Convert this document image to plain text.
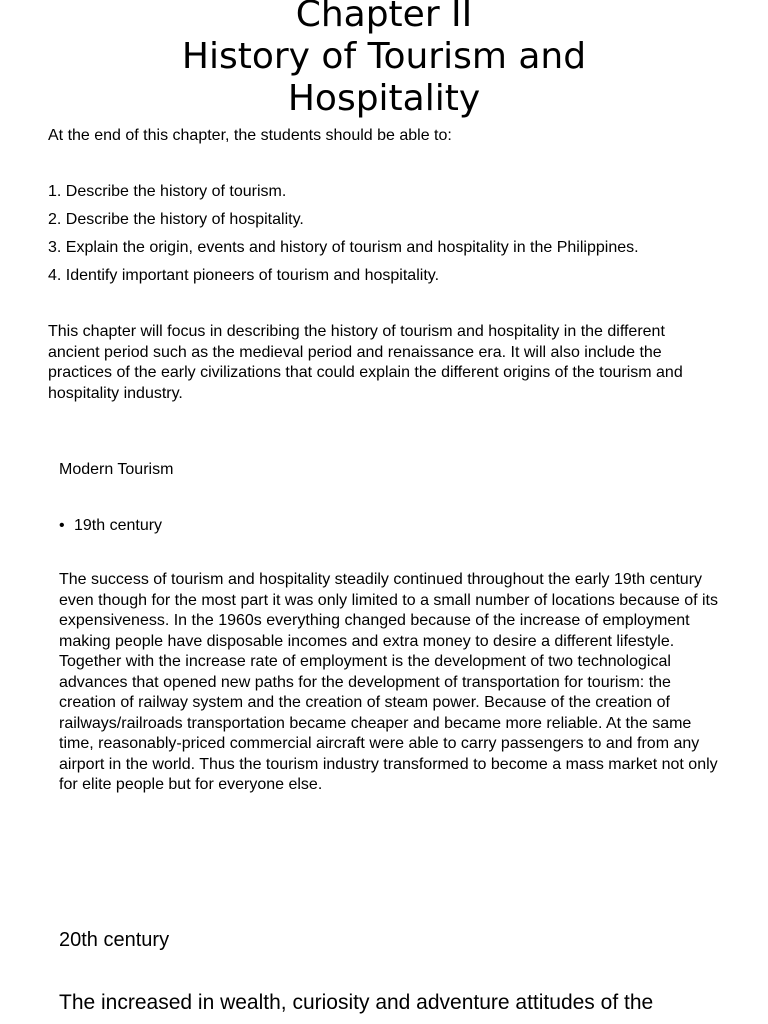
Chapter II
History of Tourism and
Hospitality

At the end of this chapter, the students should be able to:

1. Describe the history of tourism.
2. Describe the history of hospitality.
3. Explain the origin, events and history of tourism and hospitality in the Philippines.
4. Identify important pioneers of tourism and hospitality.

This chapter will focus in describing the history of tourism and hospitality in the different ancient period such as the medieval period and renaissance era. It will also include the practices of the early civilizations that could explain the different origins of the tourism and hospitality industry.

Modern Tourism

• 19th century

The success of tourism and hospitality steadily continued throughout the early 19th century even though for the most part it was only limited to a small number of locations because of its expensiveness. In the 1960s everything changed because of the increase of employment making people have disposable incomes and extra money to desire a different lifestyle. Together with the increase rate of employment is the development of two technological advances that opened new paths for the development of transportation for tourism: the creation of railway system and the creation of steam power. Because of the creation of railways/railroads transportation became cheaper and became more reliable. At the same time, reasonably-priced commercial aircraft were able to carry passengers to and from any airport in the world. Thus the tourism industry transformed to become a mass market not only for elite people but for everyone else.

20th century

The increased in wealth, curiosity and adventure attitudes of the
